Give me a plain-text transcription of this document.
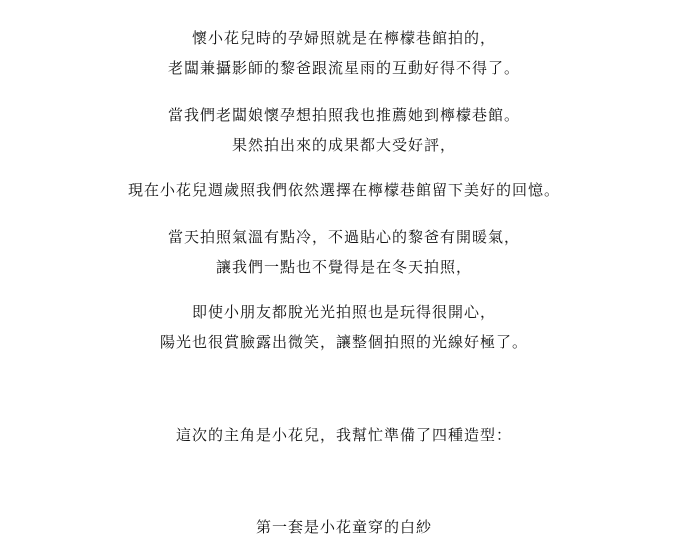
懷小花兒時的孕婦照就是在檸檬巷館拍的，
老闆兼攝影師的黎爸跟流星雨的互動好得不得了。
當我們老闆娘懷孕想拍照我也推薦她到檸檬巷館。
果然拍出來的成果都大受好評，
現在小花兒週歲照我們依然選擇在檸檬巷館留下美好的回憶。
當天拍照氣溫有點冷，不過貼心的黎爸有開暖氣，
讓我們一點也不覺得是在冬天拍照，
即使小朋友都脫光光拍照也是玩得很開心，
陽光也很賞臉露出微笑，讓整個拍照的光線好極了。
這次的主角是小花兒，我幫忙準備了四種造型：
第一套是小花童穿的白紗
